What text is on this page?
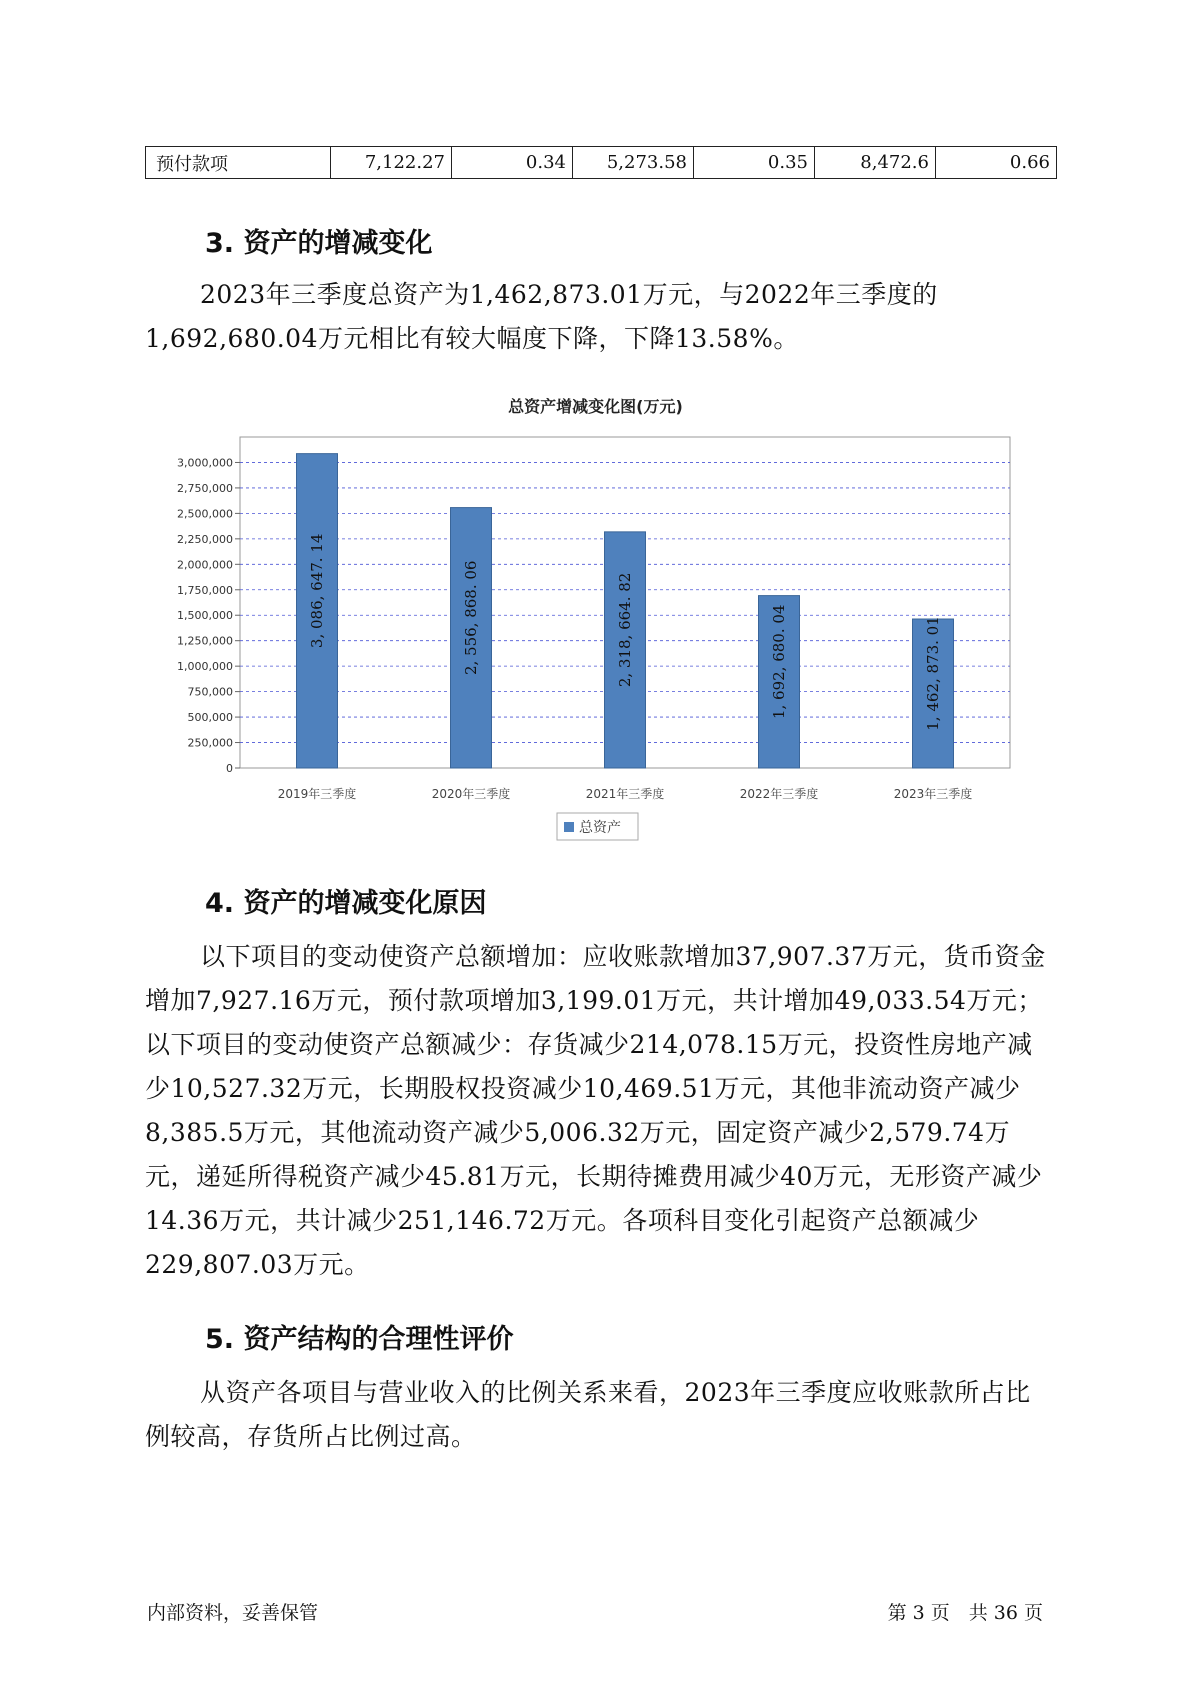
预付款项	7,122.27	0.34	5,273.58	0.35	8,472.6	0.66
3. 资产的增减变化

2023年三季度总资产为1,462,873.01万元，与2022年三季度的1,692,680.04万元相比有较大幅度下降，下降13.58%。

总资产增减变化图(万元)
0
250,000
500,000
750,000
1,000,000
1,250,000
1,500,000
1,750,000
2,000,000
2,250,000
2,500,000
2,750,000
3,000,000
3, 086, 647. 14
2019年三季度
2, 556, 868. 06
2020年三季度
2, 318, 664. 82
2021年三季度
1, 692, 680. 04
2022年三季度
1, 462, 873. 01
2023年三季度
总资产
4. 资产的增减变化原因

以下项目的变动使资产总额增加：应收账款增加37,907.37万元，货币资金增加7,927.16万元，预付款项增加3,199.01万元，共计增加49,033.54万元；以下项目的变动使资产总额减少：存货减少214,078.15万元，投资性房地产减少10,527.32万元，长期股权投资减少10,469.51万元，其他非流动资产减少8,385.5万元，其他流动资产减少5,006.32万元，固定资产减少2,579.74万元，递延所得税资产减少45.81万元，长期待摊费用减少40万元，无形资产减少14.36万元，共计减少251,146.72万元。各项科目变化引起资产总额减少229,807.03万元。

5. 资产结构的合理性评价

从资产各项目与营业收入的比例关系来看，2023年三季度应收账款所占比例较高，存货所占比例过高。

内部资料，妥善保管	第 3 页　共 36 页
